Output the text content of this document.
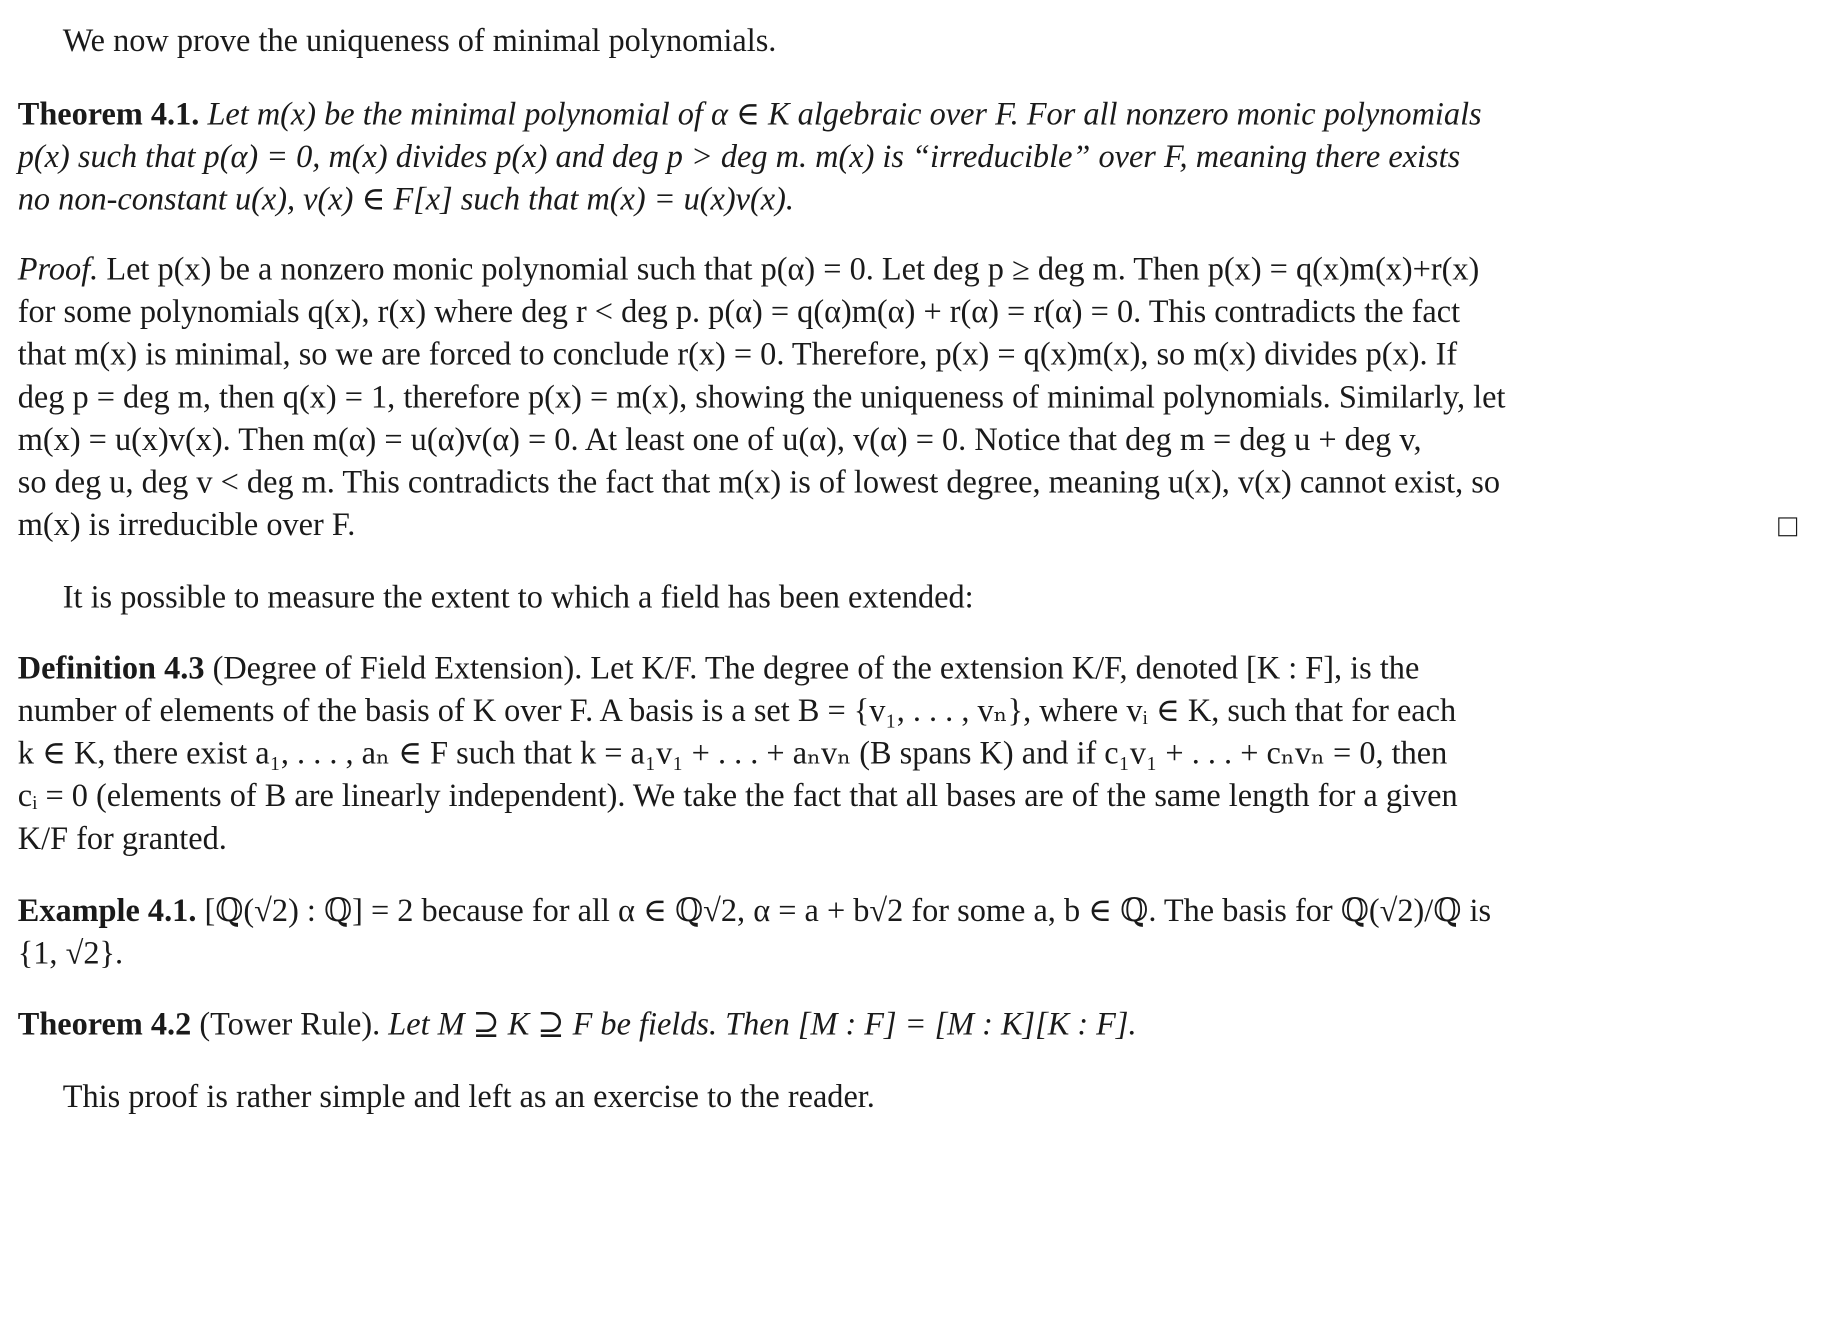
We now prove the uniqueness of minimal polynomials.
Theorem 4.1. Let m(x) be the minimal polynomial of α ∈ K algebraic over F. For all nonzero monic polynomials
p(x) such that p(α) = 0, m(x) divides p(x) and deg p > deg m. m(x) is “irreducible” over F, meaning there exists
no non-constant u(x), v(x) ∈ F[x] such that m(x) = u(x)v(x).
Proof. Let p(x) be a nonzero monic polynomial such that p(α) = 0. Let deg p ≥ deg m. Then p(x) = q(x)m(x)+r(x)
for some polynomials q(x), r(x) where deg r < deg p. p(α) = q(α)m(α) + r(α) = r(α) = 0. This contradicts the fact
that m(x) is minimal, so we are forced to conclude r(x) = 0. Therefore, p(x) = q(x)m(x), so m(x) divides p(x). If
deg p = deg m, then q(x) = 1, therefore p(x) = m(x), showing the uniqueness of minimal polynomials. Similarly, let
m(x) = u(x)v(x). Then m(α) = u(α)v(α) = 0. At least one of u(α), v(α) = 0. Notice that deg m = deg u + deg v,
so deg u, deg v < deg m. This contradicts the fact that m(x) is of lowest degree, meaning u(x), v(x) cannot exist, so
m(x) is irreducible over F.
It is possible to measure the extent to which a field has been extended:
Definition 4.3 (Degree of Field Extension). Let K/F. The degree of the extension K/F, denoted [K : F], is the
number of elements of the basis of K over F. A basis is a set B = {v₁, . . . , vₙ}, where vᵢ ∈ K, such that for each
k ∈ K, there exist a₁, . . . , aₙ ∈ F such that k = a₁v₁ + . . . + aₙvₙ (B spans K) and if c₁v₁ + . . . + cₙvₙ = 0, then
cᵢ = 0 (elements of B are linearly independent). We take the fact that all bases are of the same length for a given
K/F for granted.
Example 4.1. [ℚ(√2) : ℚ] = 2 because for all α ∈ ℚ√2, α = a + b√2 for some a, b ∈ ℚ. The basis for ℚ(√2)/ℚ is
{1, √2}.
Theorem 4.2 (Tower Rule). Let M ⊇ K ⊇ F be fields. Then [M : F] = [M : K][K : F].
This proof is rather simple and left as an exercise to the reader.
